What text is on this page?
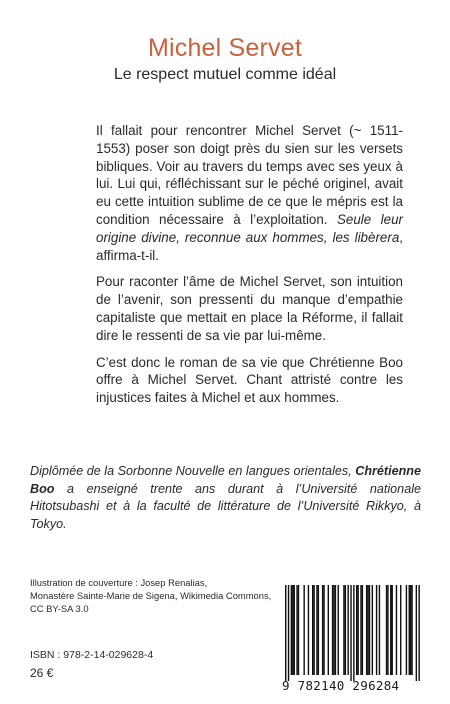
Michel Servet
Le respect mutuel comme idéal

Il fallait pour rencontrer Michel Servet (~ 1511-1553) poser son doigt près du sien sur les versets bibliques. Voir au travers du temps avec ses yeux à lui. Lui qui, réfléchissant sur le péché originel, avait eu cette intuition sublime de ce que le mépris est la condition nécessaire à l’exploitation. Seule leur origine divine, reconnue aux hommes, les libèrera, affirma-t-il.

Pour raconter l’âme de Michel Servet, son intuition de l’avenir, son pressenti du manque d’empathie capitaliste que mettait en place la Réforme, il fallait dire le ressenti de sa vie par lui-même.

C’est donc le roman de sa vie que Chrétienne Boo offre à Michel Servet. Chant attristé contre les injustices faites à Michel et aux hommes.

Diplômée de la Sorbonne Nouvelle en langues orientales, Chrétienne Boo a enseigné trente ans durant à l’Université nationale Hitotsubashi et à la faculté de littérature de l’Université Rikkyo, à Tokyo.
Illustration de couverture : Josep Renalias,
Monastère Sainte-Marie de Sigena, Wikimedia Commons,
CC BY-SA 3.0
ISBN : 978-2-14-029628-4
26 €
9 782140 296284
